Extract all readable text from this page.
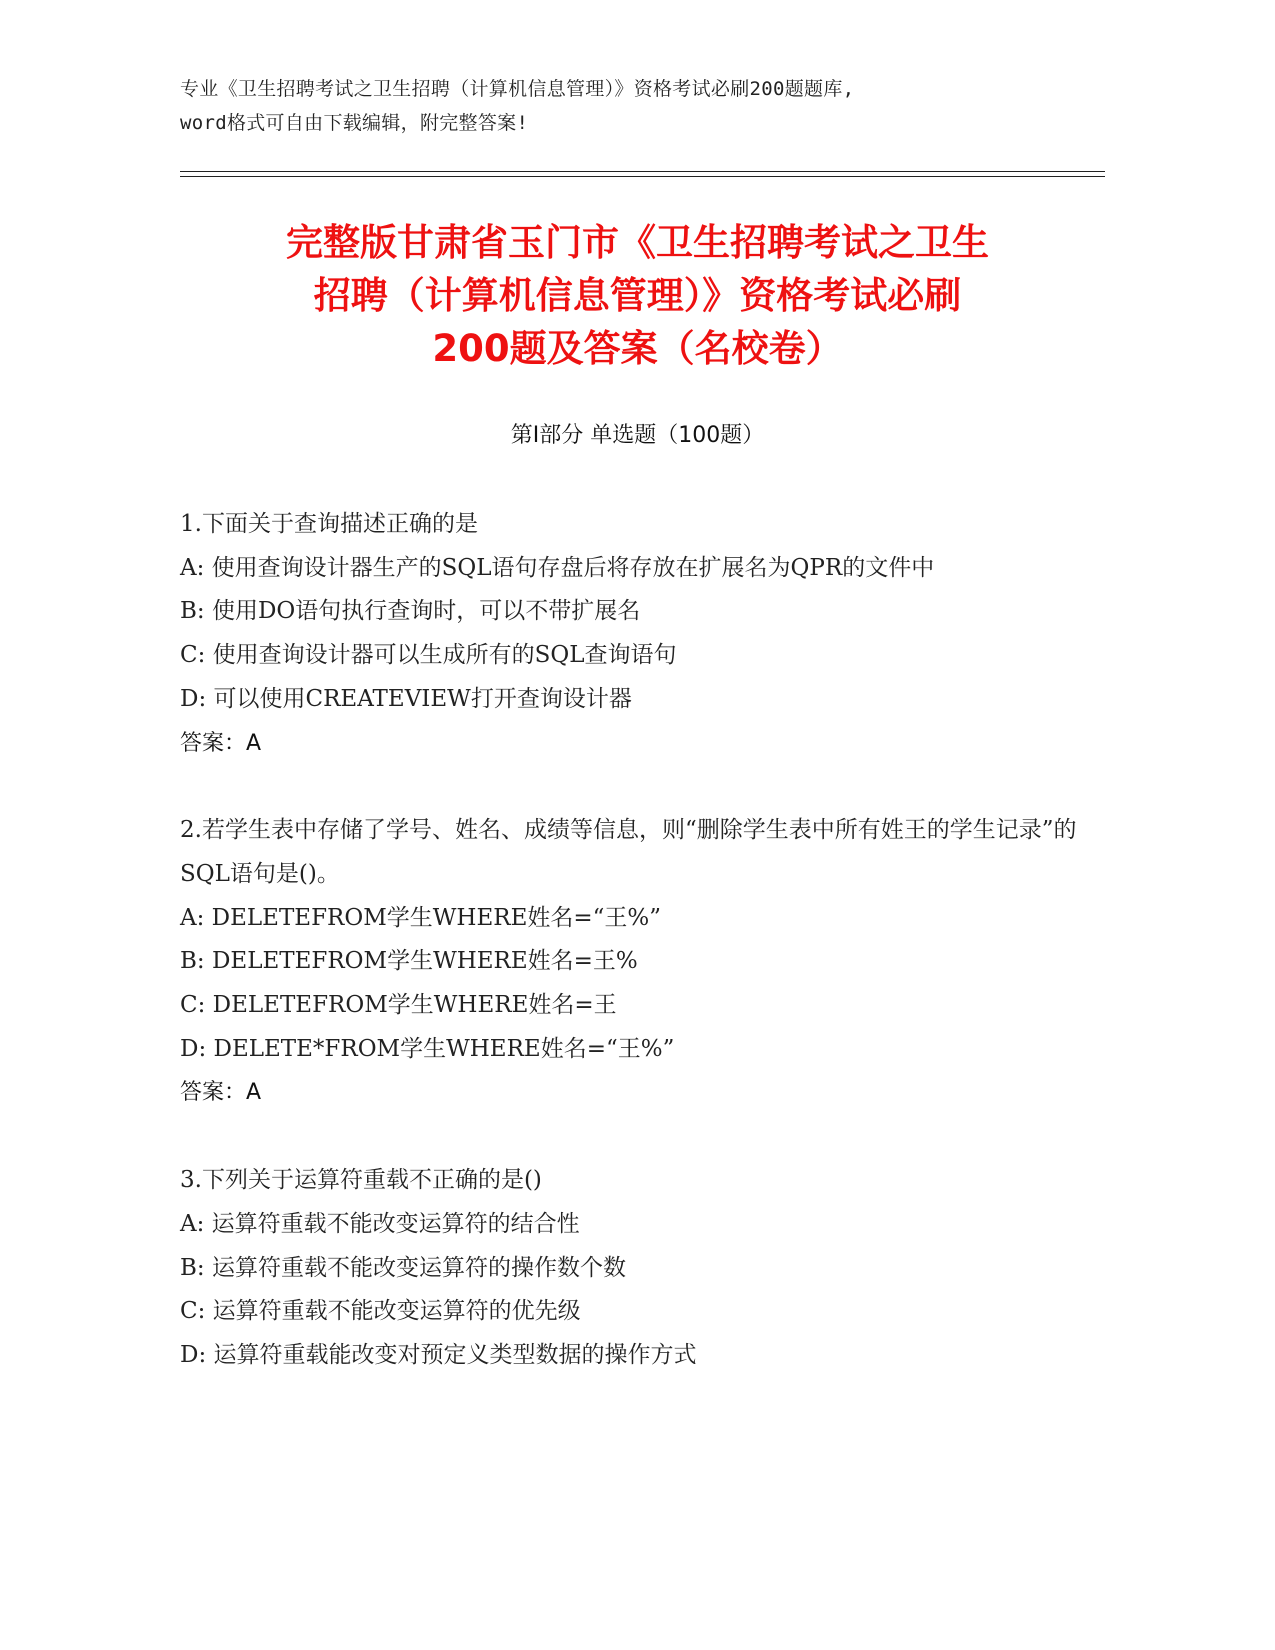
专业《卫生招聘考试之卫生招聘（计算机信息管理）》资格考试必刷200题题库,
word格式可自由下载编辑，附完整答案!
完整版甘肃省玉门市《卫生招聘考试之卫生
招聘（计算机信息管理）》资格考试必刷
200题及答案（名校卷）
第Ⅰ部分 单选题（100题）

1.下面关于查询描述正确的是

A: 使用查询设计器生产的SQL语句存盘后将存放在扩展名为QPR的文件中

B: 使用DO语句执行查询时，可以不带扩展名

C: 使用查询设计器可以生成所有的SQL查询语句

D: 可以使用CREATEVIEW打开查询设计器

答案：A

2.若学生表中存储了学号、姓名、成绩等信息，则“删除学生表中所有姓王的学生记录”的SQL语句是()。

A: DELETEFROM学生WHERE姓名=“王%”

B: DELETEFROM学生WHERE姓名=王%

C: DELETEFROM学生WHERE姓名=王

D: DELETE*FROM学生WHERE姓名=“王%”

答案：A

3.下列关于运算符重载不正确的是()

A: 运算符重载不能改变运算符的结合性

B: 运算符重载不能改变运算符的操作数个数

C: 运算符重载不能改变运算符的优先级

D: 运算符重载能改变对预定义类型数据的操作方式
